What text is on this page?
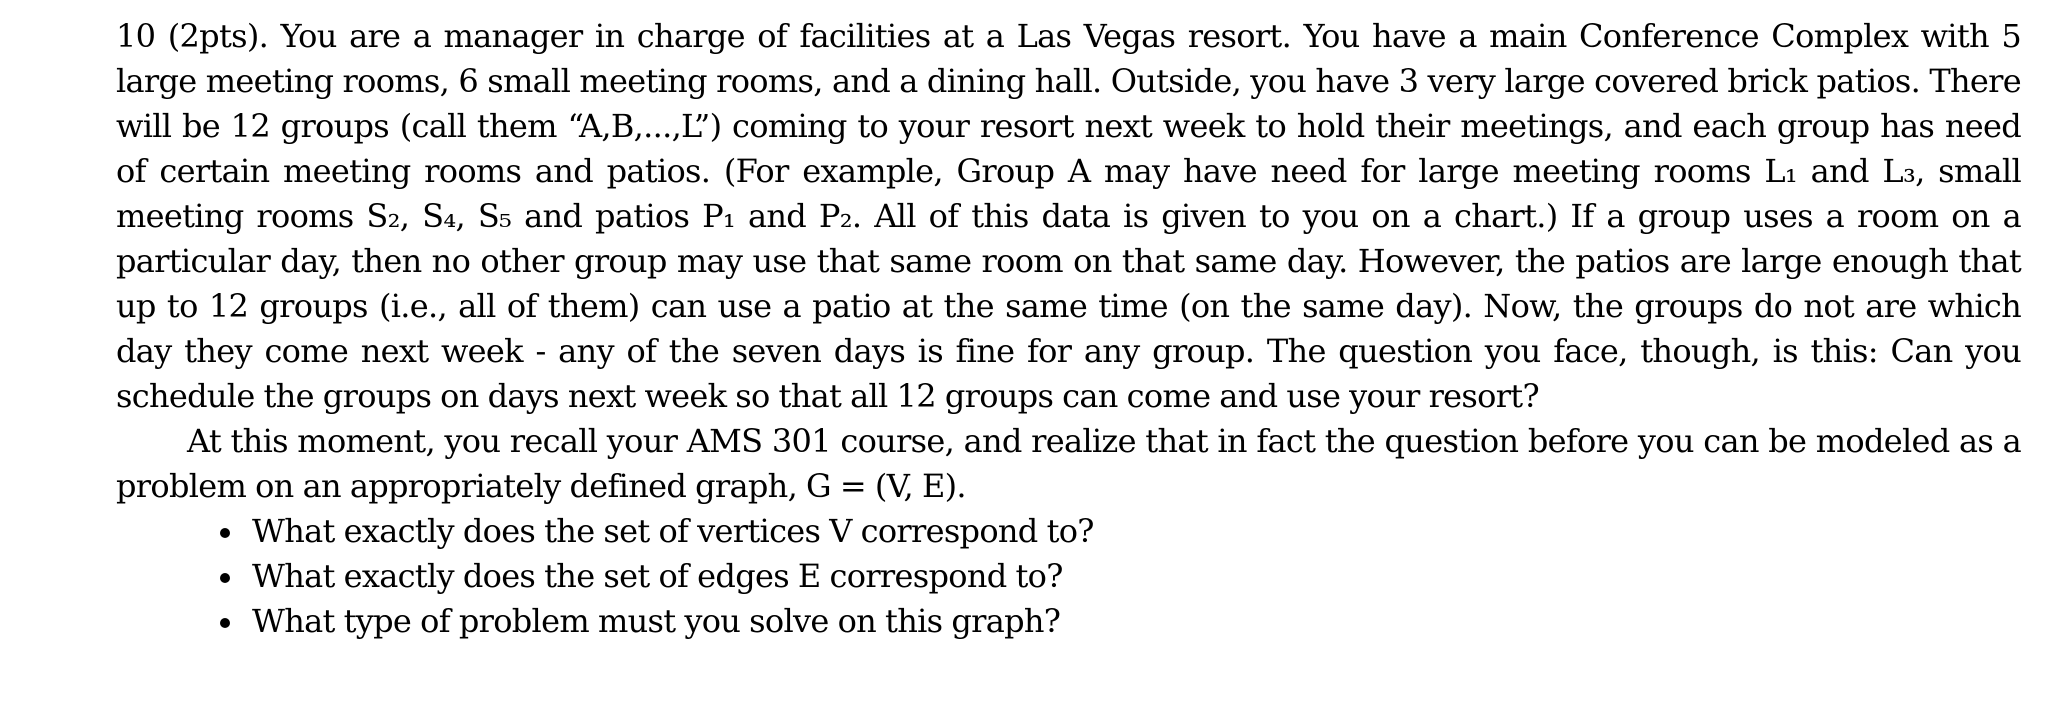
10 (2pts). You are a manager in charge of facilities at a Las Vegas resort. You have a main Conference Complex with 5 large meeting rooms, 6 small meeting rooms, and a dining hall. Outside, you have 3 very large covered brick patios. There will be 12 groups (call them “A,B,...,L”) coming to your resort next week to hold their meetings, and each group has need of certain meeting rooms and patios. (For example, Group A may have need for large meeting rooms L₁ and L₃, small meeting rooms S₂, S₄, S₅ and patios P₁ and P₂. All of this data is given to you on a chart.) If a group uses a room on a particular day, then no other group may use that same room on that same day. However, the patios are large enough that up to 12 groups (i.e., all of them) can use a patio at the same time (on the same day). Now, the groups do not are which day they come next week - any of the seven days is fine for any group. The question you face, though, is this: Can you schedule the groups on days next week so that all 12 groups can come and use your resort?

At this moment, you recall your AMS 301 course, and realize that in fact the question before you can be modeled as a problem on an appropriately defined graph, G = (V, E).

What exactly does the set of vertices V correspond to?
What exactly does the set of edges E correspond to?
What type of problem must you solve on this graph?
